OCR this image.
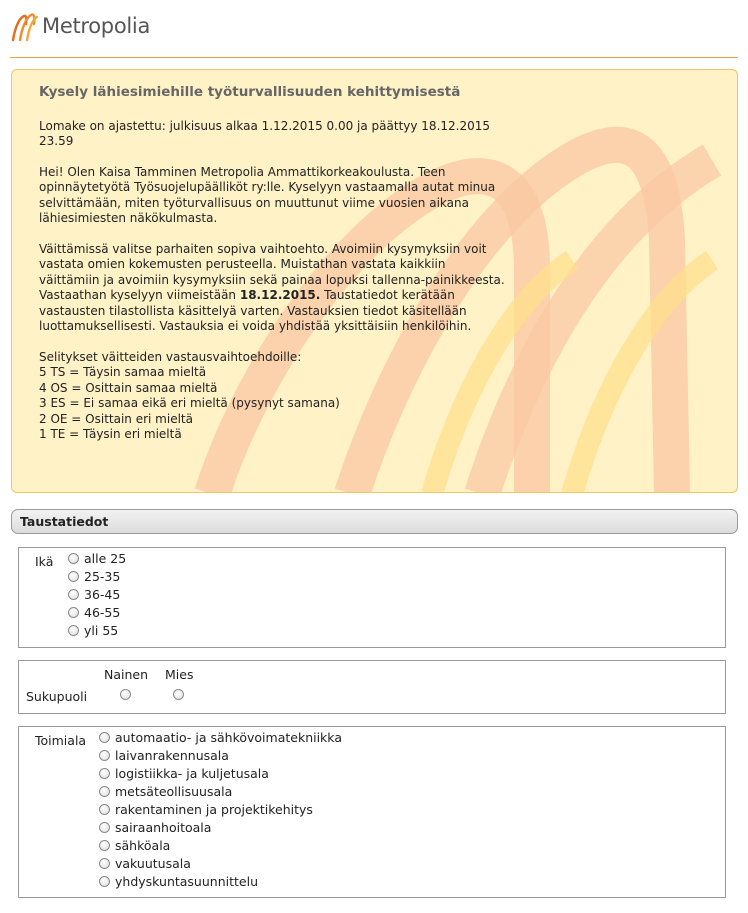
Metropolia
Kysely lähiesimiehille työturvallisuuden kehittymisestä

Lomake on ajastettu: julkisuus alkaa 1.12.2015 0.00 ja päättyy 18.12.2015 23.59

Hei! Olen Kaisa Tamminen Metropolia Ammattikorkeakoulusta. Teen opinnäytetyötä Työsuojelupäälliköt ry:lle. Kyselyyn vastaamalla autat minua selvittämään, miten työturvallisuus on muuttunut viime vuosien aikana lähiesimiesten näkökulmasta.

Väittämissä valitse parhaiten sopiva vaihtoehto. Avoimiin kysymyksiin voit vastata omien kokemusten perusteella. Muistathan vastata kaikkiin väittämiin ja avoimiin kysymyksiin sekä painaa lopuksi tallenna-painikkeesta. Vastaathan kyselyyn viimeistään 18.12.2015. Taustatiedot kerätään vastausten tilastollista käsittelyä varten. Vastauksien tiedot käsitellään luottamuksellisesti. Vastauksia ei voida yhdistää yksittäisiin henkilöihin.

Selitykset väitteiden vastausvaihtoehdoille:
5 TS = Täysin samaa mieltä
4 OS = Osittain samaa mieltä
3 ES = Ei samaa eikä eri mieltä (pysynyt samana)
2 OE = Osittain eri mieltä
1 TE = Täysin eri mieltä
Taustatiedot
Ikä alle 25
25-35
36-45
46-55
yli 55
Nainen Mies
Sukupuoli
Toimiala automaatio- ja sähkövoimatekniikka
laivanrakennusala
logistiikka- ja kuljetusala
metsäteollisuusala
rakentaminen ja projektikehitys
sairaanhoitoala
sähköala
vakuutusala
yhdyskuntasuunnittelu
